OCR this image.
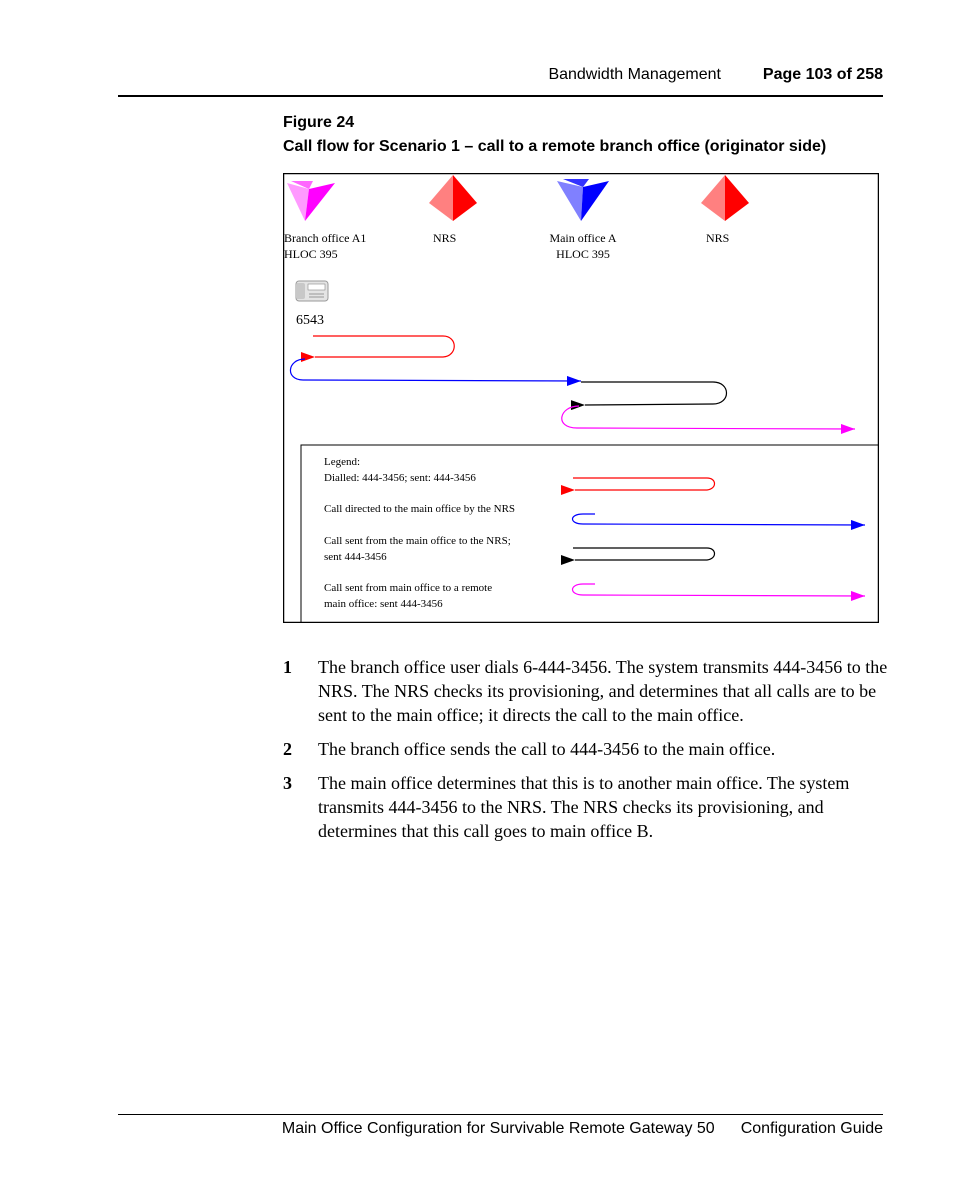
Bandwidth Management	Page 103 of 258
Figure 24
Call flow for Scenario 1 – call to a remote branch office (originator side)
Branch office A1
HLOC 395
NRS	Main office A
HLOC 395
NRS
6543
Legend:
Dialled: 444-3456; sent: 444-3456
Call directed to the main office by the NRS
Call sent from the main office to the NRS;
sent 444-3456
Call sent from main office to a remote
main office: sent 444-3456
1	The branch office user dials 6-444-3456. The system transmits 444-3456 to the NRS. The NRS checks its provisioning, and determines that all calls are to be sent to the main office; it directs the call to the main office.
2	The branch office sends the call to 444-3456 to the main office.
3	The main office determines that this is to another main office. The system transmits 444-3456 to the NRS. The NRS checks its provisioning, and determines that this call goes to main office B.
Main Office Configuration for Survivable Remote Gateway 50 Configuration Guide
